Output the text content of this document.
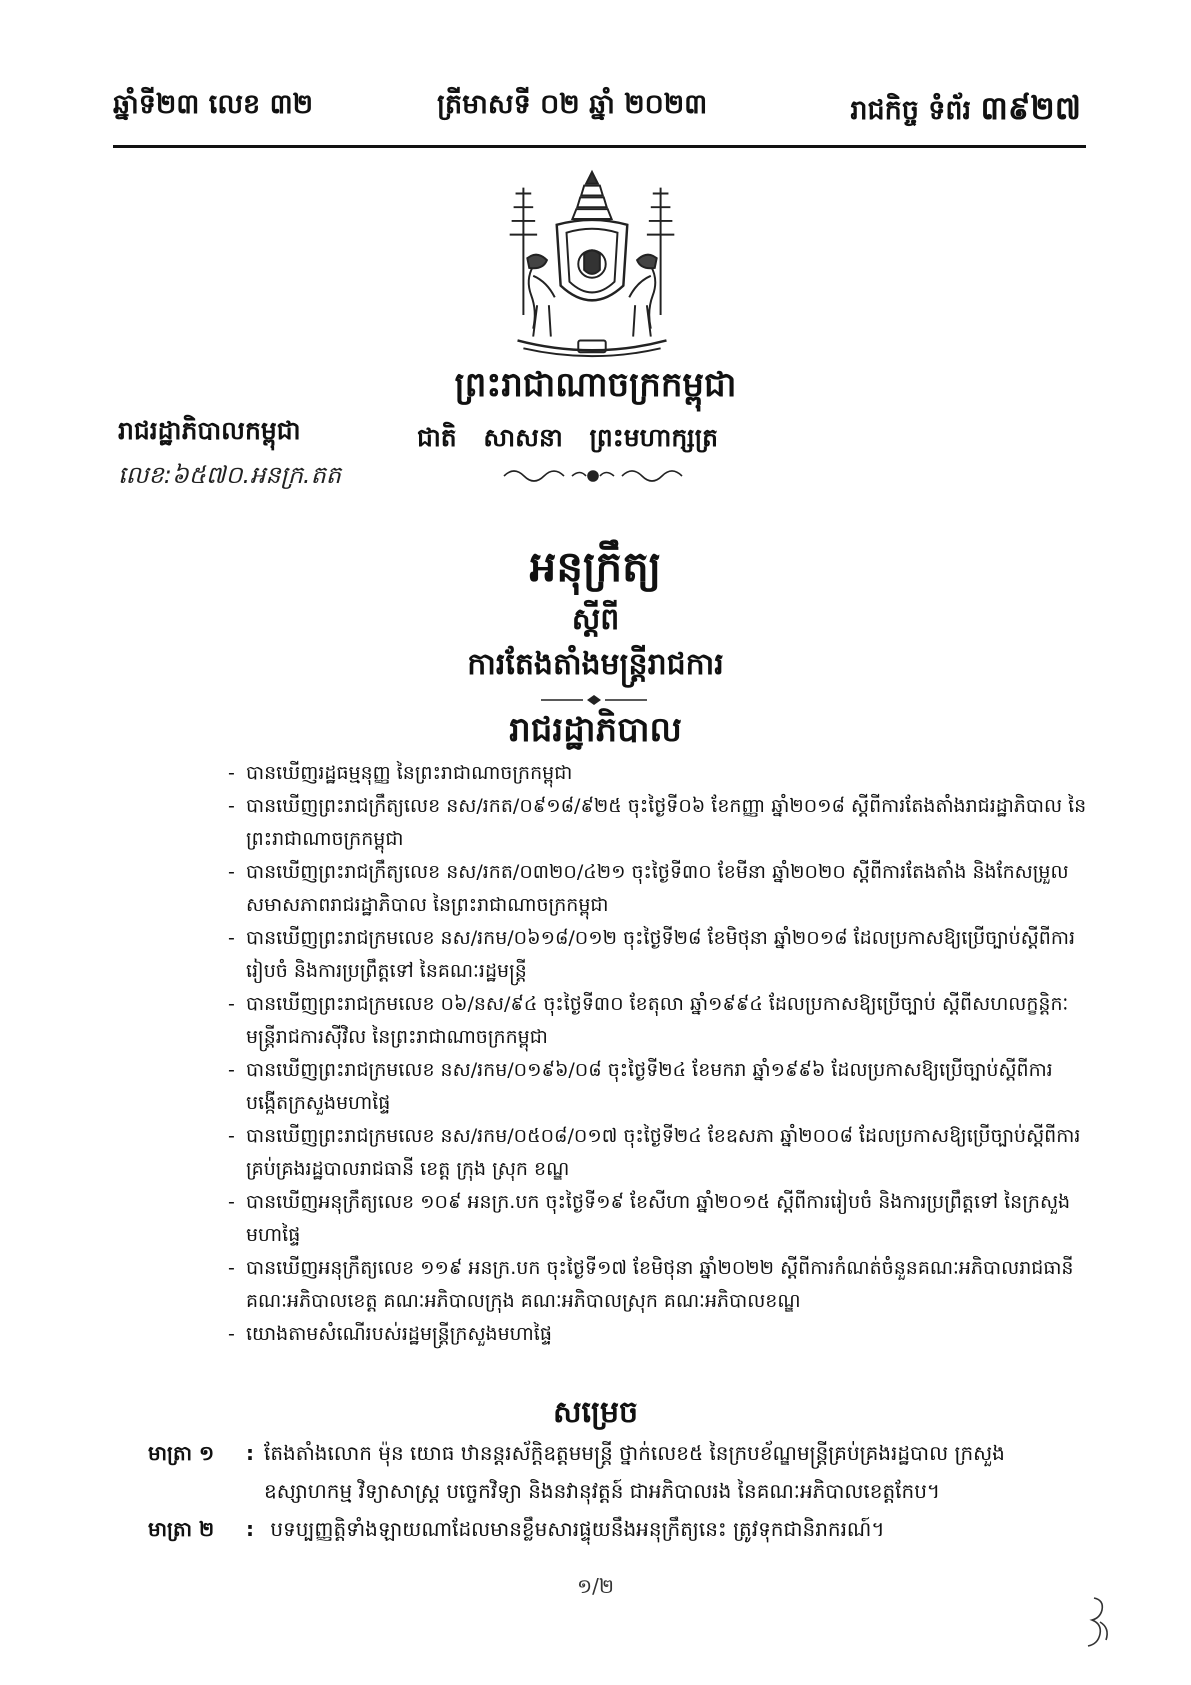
ឆ្នាំទី២៣ លេខ ៣២	ត្រីមាសទី ០២ ឆ្នាំ ២០២៣	រាជកិច្ច ទំព័រ ៣៩២៧
ព្រះរាជាណាចក្រកម្ពុជា
ជាតិ សាសនា ព្រះមហាក្សត្រ
រាជរដ្ឋាភិបាលកម្ពុជា
លេខ:៦៥៧០.អនក្រ.តត
អនុក្រឹត្យ
ស្ដីពី
ការតែងតាំងមន្ត្រីរាជការ
រាជរដ្ឋាភិបាល
- បានឃើញរដ្ឋធម្មនុញ្ញ នៃព្រះរាជាណាចក្រកម្ពុជា
- បានឃើញព្រះរាជក្រឹត្យលេខ នស/រកត/០៩១៨/៩២៥ ចុះថ្ងៃទី០៦ ខែកញ្ញា ឆ្នាំ២០១៨ ស្តីពីការតែងតាំងរាជរដ្ឋាភិបាល នៃព្រះរាជាណាចក្រកម្ពុជា
- បានឃើញព្រះរាជក្រឹត្យលេខ នស/រកត/០៣២០/៤២១ ចុះថ្ងៃទី៣០ ខែមីនា ឆ្នាំ២០២០ ស្តីពីការតែងតាំង និងកែសម្រួលសមាសភាពរាជរដ្ឋាភិបាល នៃព្រះរាជាណាចក្រកម្ពុជា
- បានឃើញព្រះរាជក្រមលេខ នស/រកម/០៦១៨/០១២ ចុះថ្ងៃទី២៨ ខែមិថុនា ឆ្នាំ២០១៨ ដែលប្រកាសឱ្យប្រើច្បាប់ស្តីពីការរៀបចំ និងការប្រព្រឹត្តទៅ នៃគណៈរដ្ឋមន្ត្រី
- បានឃើញព្រះរាជក្រមលេខ ០៦/នស/៩៤ ចុះថ្ងៃទី៣០ ខែតុលា ឆ្នាំ១៩៩៤ ដែលប្រកាសឱ្យប្រើច្បាប់ ស្តីពីសហលក្ខន្តិកៈមន្ត្រីរាជការស៊ីវិល នៃព្រះរាជាណាចក្រកម្ពុជា
- បានឃើញព្រះរាជក្រមលេខ នស/រកម/០១៩៦/០៨ ចុះថ្ងៃទី២៤ ខែមករា ឆ្នាំ១៩៩៦ ដែលប្រកាសឱ្យប្រើច្បាប់ស្តីពីការបង្កើតក្រសួងមហាផ្ទៃ
- បានឃើញព្រះរាជក្រមលេខ នស/រកម/០៥០៨/០១៧ ចុះថ្ងៃទី២៤ ខែឧសភា ឆ្នាំ២០០៨ ដែលប្រកាសឱ្យប្រើច្បាប់ស្តីពីការគ្រប់គ្រងរដ្ឋបាលរាជធានី ខេត្ត ក្រុង ស្រុក ខណ្ឌ
- បានឃើញអនុក្រឹត្យលេខ ១០៩ អនក្រ.បក ចុះថ្ងៃទី១៩ ខែសីហា ឆ្នាំ២០១៥ ស្តីពីការរៀបចំ និងការប្រព្រឹត្តទៅ នៃក្រសួងមហាផ្ទៃ
- បានឃើញអនុក្រឹត្យលេខ ១១៩ អនក្រ.បក ចុះថ្ងៃទី១៧ ខែមិថុនា ឆ្នាំ២០២២ ស្តីពីការកំណត់ចំនួនគណៈអភិបាលរាជធានី គណៈអភិបាលខេត្ត គណៈអភិបាលក្រុង គណៈអភិបាលស្រុក គណៈអភិបាលខណ្ឌ
- យោងតាមសំណើរបស់រដ្ឋមន្ត្រីក្រសួងមហាផ្ទៃ
សម្រេច
មាត្រា ១ : តែងតាំងលោក ម៉ុន យោធ ឋានន្តរស័ក្តិឧត្តមមន្ត្រី ថ្នាក់លេខ៥ នៃក្របខ័ណ្ឌមន្ត្រីគ្រប់គ្រងរដ្ឋបាល ក្រសួងឧស្សាហកម្ម វិទ្យាសាស្ត្រ បច្ចេកវិទ្យា និងនវានុវត្តន៍ ជាអភិបាលរង នៃគណៈអភិបាលខេត្តកែប។
មាត្រា ២ : បទប្បញ្ញត្តិទាំងឡាយណាដែលមានខ្លឹមសារផ្ទុយនឹងអនុក្រឹត្យនេះ ត្រូវទុកជានិរាករណ៍។
១/២
